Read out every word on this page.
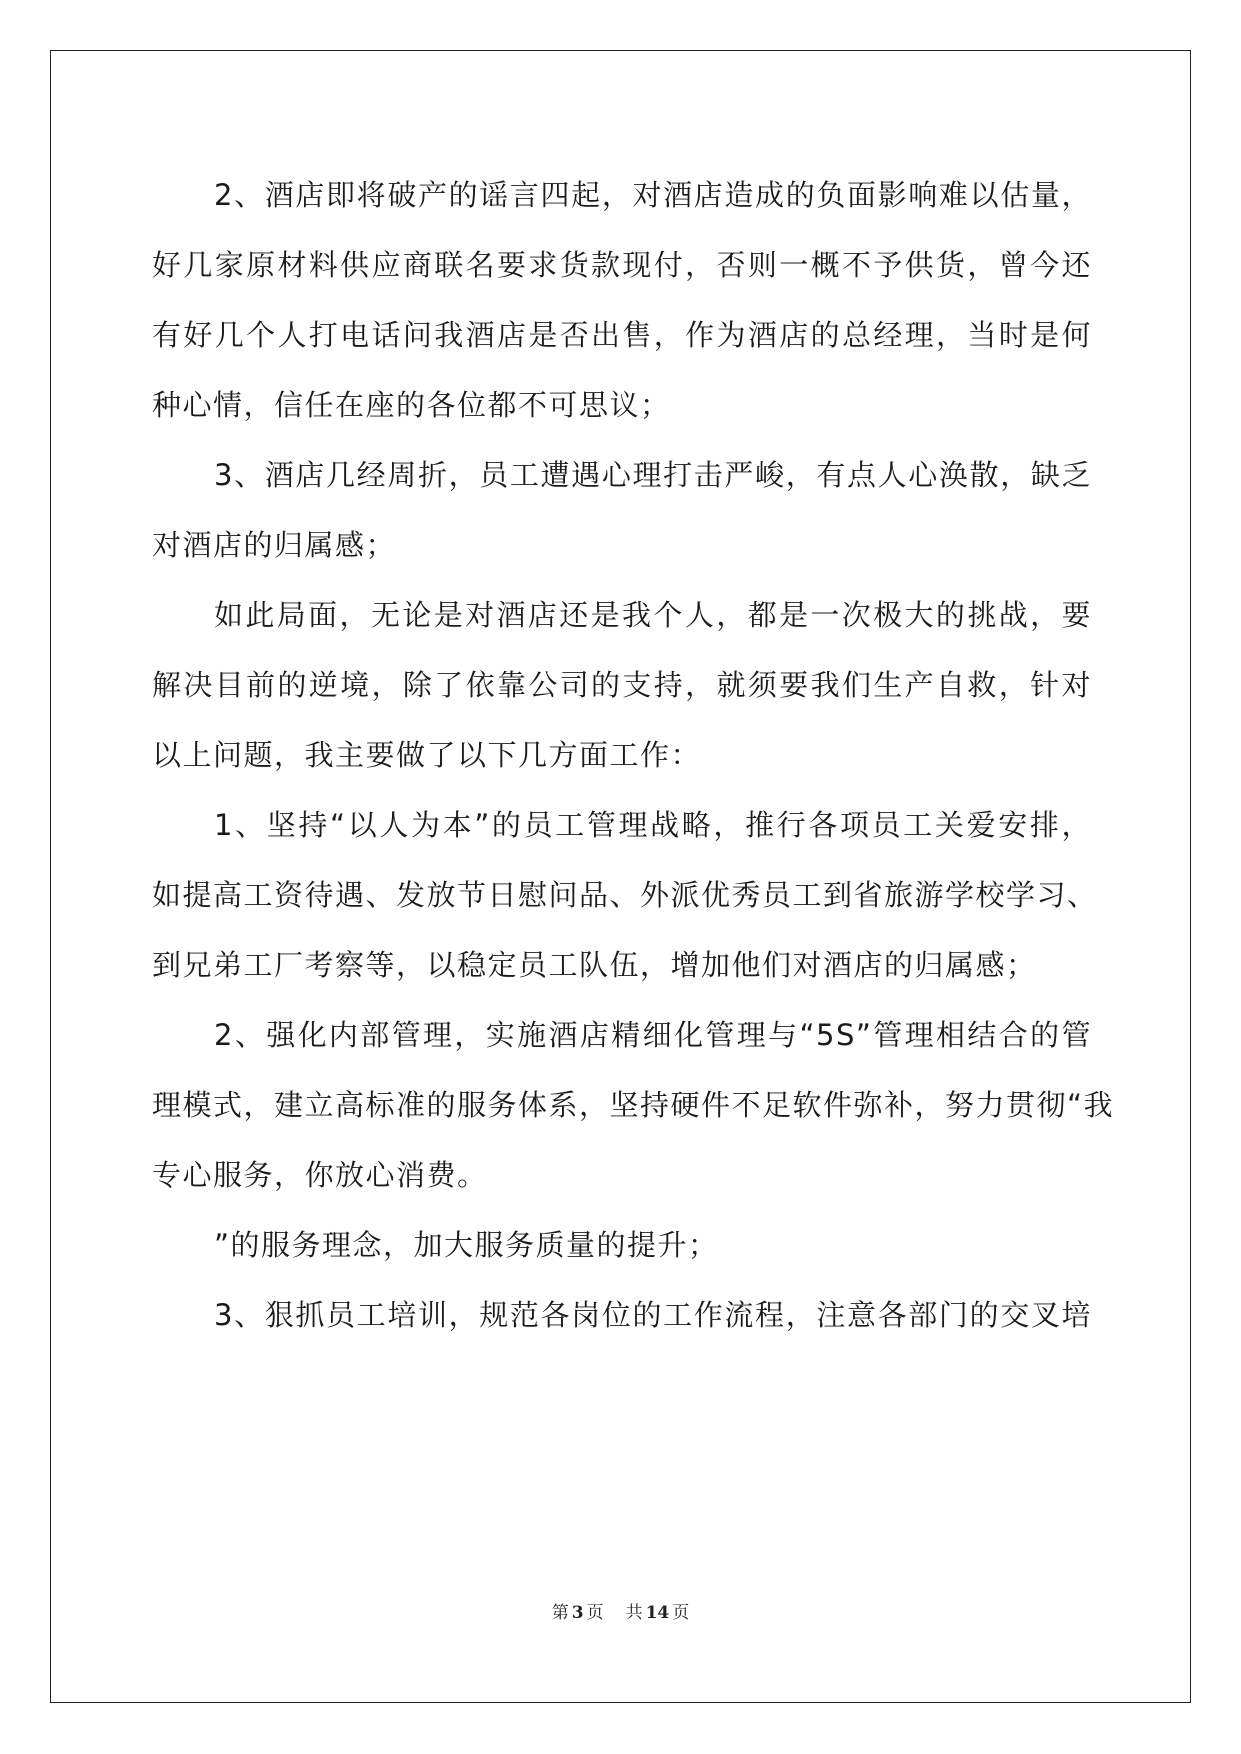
2、酒店即将破产的谣言四起，对酒店造成的负面影响难以估量，
好几家原材料供应商联名要求货款现付，否则一概不予供货，曾今还
有好几个人打电话问我酒店是否出售，作为酒店的总经理，当时是何
种心情，信任在座的各位都不可思议；
3、酒店几经周折，员工遭遇心理打击严峻，有点人心涣散，缺乏
对酒店的归属感；
如此局面，无论是对酒店还是我个人，都是一次极大的挑战，要
解决目前的逆境，除了依靠公司的支持，就须要我们生产自救，针对
以上问题，我主要做了以下几方面工作：
1、坚持“以人为本”的员工管理战略，推行各项员工关爱安排，
如提高工资待遇、发放节日慰问品、外派优秀员工到省旅游学校学习、
到兄弟工厂考察等，以稳定员工队伍，增加他们对酒店的归属感；
2、强化内部管理，实施酒店精细化管理与“5S”管理相结合的管
理模式，建立高标准的服务体系，坚持硬件不足软件弥补，努力贯彻“我
专心服务，你放心消费。
”的服务理念，加大服务质量的提升；
3、狠抓员工培训，规范各岗位的工作流程，注意各部门的交叉培
第 3 页 共 14 页
